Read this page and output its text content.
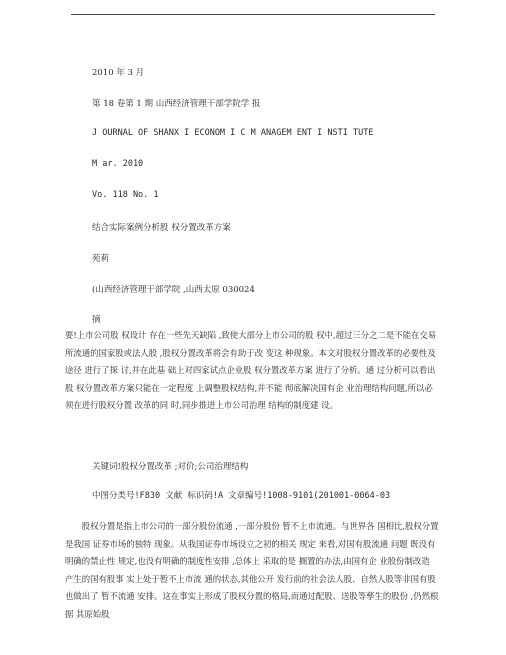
2010 年 3 月

第 18 卷第 1 期 山西经济管理干部学院学 报

J OURNAL OF SHANX I ECONOM I C M ANAGEM ENT I NSTI TUTE

M ar. 2010

Vo. 118 No. 1

结合实际案例分析股 权分置改革方案

苑莉

(山西经济管理干部学院 ,山西太原 030024

摘

要!上市公司股 权设计 存在一些先天缺陷 ,致使大部分上市公司的股 权中,超过三分之二是不能在交易所流通的国家股或法人股 ,股权分置改革将会有助于改 变这 种现象。本文对股权分置改革的必要性及途径 进行了探 讨,并在此基 础上对四家试点企业股 权分置改革方案 进行了分析。通 过分析可以看出股 权分置改革方案只能在一定程度 上调整股权结构,并不能 彻底解决国有企 业治理结构问题,所以必须在进行股权分置 改革的同 时,同步推进上市公司治理 结构的制度建 设。

关键词!股权分置改革 ;对价;公司治理结构

中图分类号!F830 文献 标识码!A 文章编号!1008-9101(201001-0064-03

股权分置是指上市公司的一部分股份流通 ,一部分股份 暂不上市流通。与世界各 国相比,股权分置是我国 证券市场的独特 现象。从我国证券市场设立之初的相关 规定 来看,对国有股流通 问题 既没有明确的禁止性 规定,也没有明确的制度性安排 ,总体上 采取的是 搁置的办法,由国有企 业股份制改造 产生的国有股事 实上处于暂不上市流 通的状态,其他公开 发行前的社会法人股、自然人股等非国有股也做出了 暂不流通 安排。这在事实上形成了股权分置的格局,而通过配股、送股等孳生的股份 ,仍然根据 其原始股
